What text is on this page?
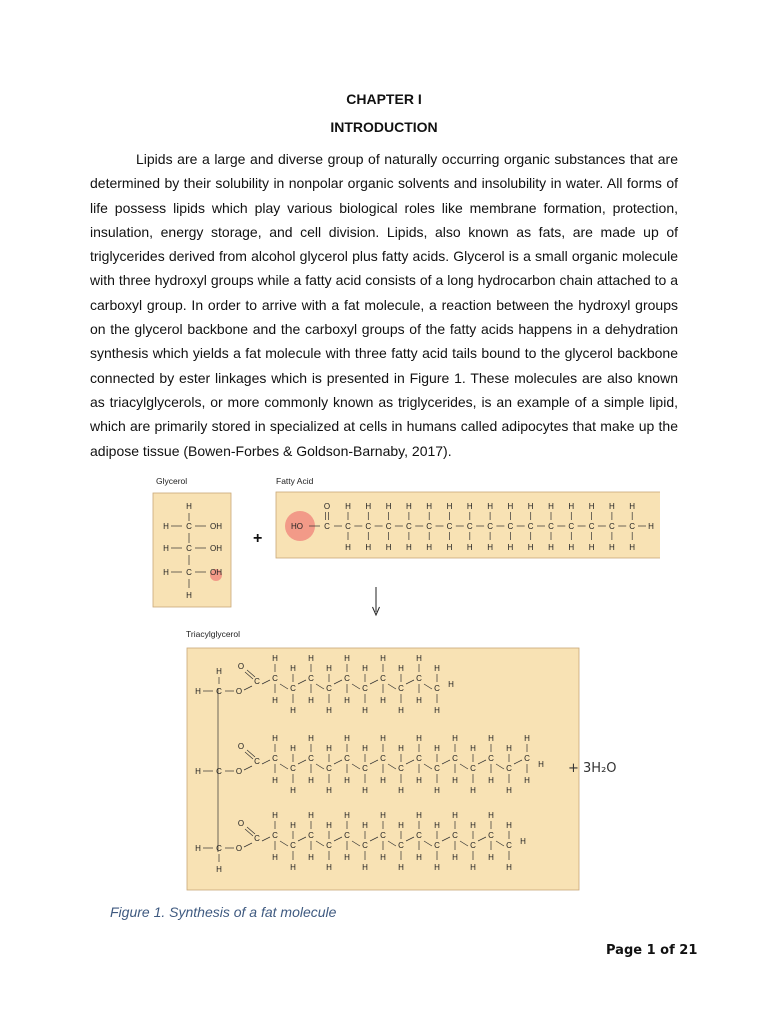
CHAPTER I
INTRODUCTION

Lipids are a large and diverse group of naturally occurring organic substances that are determined by their solubility in nonpolar organic solvents and insolubility in water. All forms of life possess lipids which play various biological roles like membrane formation, protection, insulation, energy storage, and cell division. Lipids, also known as fats, are made up of triglycerides derived from alcohol glycerol plus fatty acids. Glycerol is a small organic molecule with three hydroxyl groups while a fatty acid consists of a long hydrocarbon chain attached to a carboxyl group. In order to arrive with a fat molecule, a reaction between the hydroxyl groups on the glycerol backbone and the carboxyl groups of the fatty acids happens in a dehydration synthesis which yields a fat molecule with three fatty acid tails bound to the glycerol backbone connected by ester linkages which is presented in Figure 1. These molecules are also known as triacylglycerols, or more commonly known as triglycerides, is an example of a simple lipid, which are primarily stored in specialized at cells in humans called adipocytes that make up the adipose tissue (Bowen-Forbes & Goldson-Barnaby, 2017).

Glycerol
H
H C OH
H C OH
H C OH
H
+
Fatty Acid
HO	C
O
C
H
H
C
H
H
C
H
H
C
H
H
C
H
H
C
H
H
C
H
H
C
H
H
C
H
H
C
H
H
C
H
H
C
H
H
C
H
H
C
H
H
C
H
H
H
Triacylglycerol
H C O
C
O
C
H
H
C
H
H
C
H
H
C
H
H
C
H
H
C
H
H
C
H
H
C
H
H
C
H
H
C
H
H
H
H C O
C
O
C
H
H
C
H
H
C
H
H
C
H
H
C
H
H
C
H
H
C
H
H
C
H
H
C
H
H
C
H
H
C
H
H
C
H
H
C
H
H
C
H
H
C
H
H
H
H C O
C
O
C
H
H
C
H
H
C
H
H
C
H
H
C
H
H
C
H
H
C
H
H
C
H
H
C
H
H
C
H
H
C
H
H
C
H
H
C
H
H
C
H
H
H
H
H
+ 3H₂O
Figure 1. Synthesis of a fat molecule
Page 1 of 21
